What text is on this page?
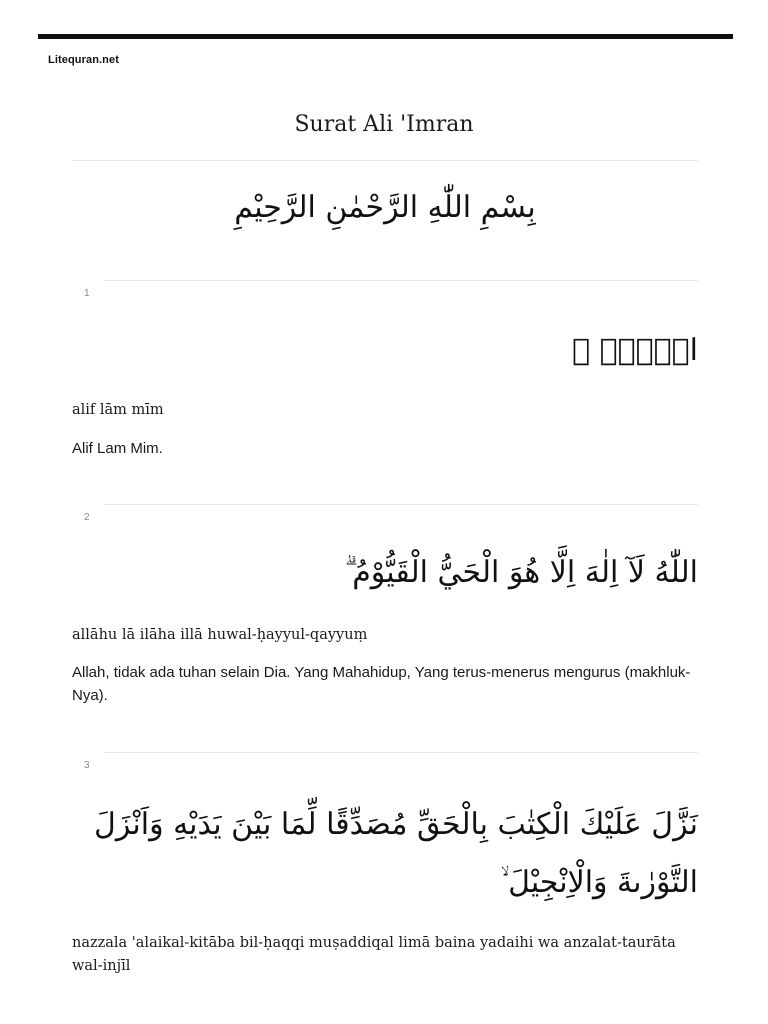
Litequran.net
Surat Ali 'Imran
بِسْمِ اللّٰهِ الرَّحْمٰنِ الرَّحِيْمِ
1
الۤمّۤ ۗ
alif lām mīm
Alif Lam Mim.
2
اللّٰهُ لَآ اِلٰهَ اِلَّا هُوَ الْحَيُّ الْقَيُّوْمُ ۗ
allāhu lā ilāha illā huwal-ḥayyul-qayyuṃ
Allah, tidak ada tuhan selain Dia. Yang Mahahidup, Yang terus-menerus mengurus (makhluk-Nya).
3
نَزَّلَ عَلَيْكَ الْكِتٰبَ بِالْحَقِّ مُصَدِّقًا لِّمَا بَيْنَ يَدَيْهِ وَاَنْزَلَ التَّوْرٰىةَ وَالْاِنْجِيْلَ ۙ
nazzala 'alaikal-kitāba bil-ḥaqqi muṣaddiqal limā baina yadaihi wa anzalat-taurāta wal-injīl
